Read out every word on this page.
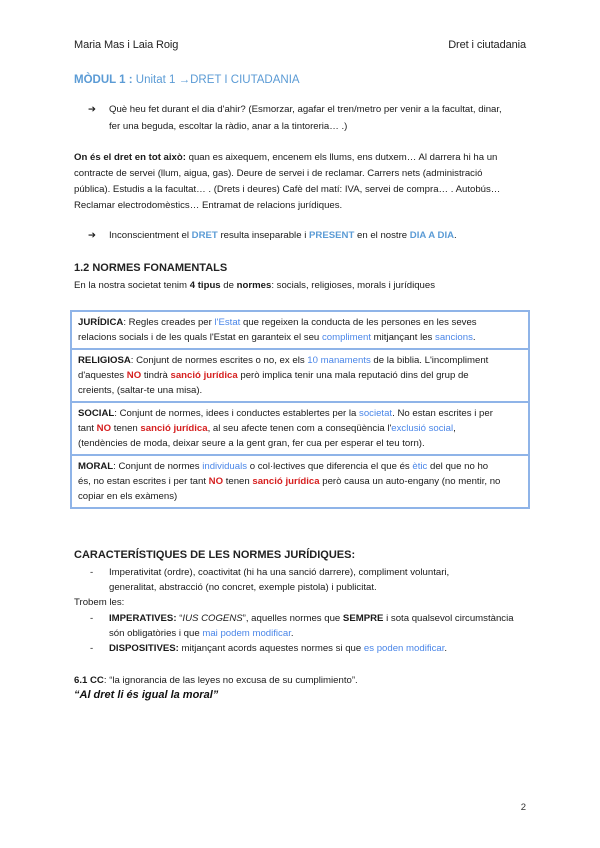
Maria Mas i Laia Roig	Dret i ciutadania
MÒDUL 1 : Unitat 1 →DRET I CIUTADANIA
➔ Què heu fet durant el dia d'ahir? (Esmorzar, agafar el tren/metro per venir a la facultat, dinar,
fer una beguda, escoltar la ràdio, anar a la tintoreria… .)
On és el dret en tot això: quan es aixequem, encenem els llums, ens dutxem… Al darrera hi ha un
contracte de servei (llum, aigua, gas). Deure de servei i de reclamar. Carrers nets (administració
pública). Estudis a la facultat… . (Drets i deures) Cafè del matí: IVA, servei de compra… . Autobús…
Reclamar electrodomèstics… Entramat de relacions jurídiques.
➔ Inconscientment el DRET resulta inseparable i PRESENT en el nostre DIA A DIA.
1.2 NORMES FONAMENTALS
En la nostra societat tenim 4 tipus de normes: socials, religioses, morals i jurídiques
JURÍDICA: Regles creades per l'Estat que regeixen la conducta de les persones en les seves
relacions socials i de les quals l'Estat en garanteix el seu compliment mitjançant les sancions.
RELIGIOSA: Conjunt de normes escrites o no, ex els 10 manaments de la biblia. L'incompliment
d'aquestes NO tindrà sanció jurídica però implica tenir una mala reputació dins del grup de
creients, (saltar-te una misa).
SOCIAL: Conjunt de normes, idees i conductes establertes per la societat. No estan escrites i per
tant NO tenen sanció jurídica, al seu afecte tenen com a conseqüència l'exclusió social,
(tendències de moda, deixar seure a la gent gran, fer cua per esperar el teu torn).
MORAL: Conjunt de normes individuals o col·lectives que diferencia el que és ètic del que no ho
és, no estan escrites i per tant NO tenen sanció jurídica però causa un auto-engany (no mentir, no
copiar en els exàmens)
CARACTERÍSTIQUES DE LES NORMES JURÍDIQUES:
- Imperativitat (ordre), coactivitat (hi ha una sanció darrere), compliment voluntari,
generalitat, abstracció (no concret, exemple pistola) i publicitat.
Trobem les:
- IMPERATIVES: “IUS COGENS”, aquelles normes que SEMPRE i sota qualsevol circumstància
són obligatòries i que mai podem modificar.
- DISPOSITIVES: mitjançant acords aquestes normes si que es poden modificar.
6.1 CC: “la ignorancia de las leyes no excusa de su cumplimiento”.
“Al dret li és igual la moral”
2
